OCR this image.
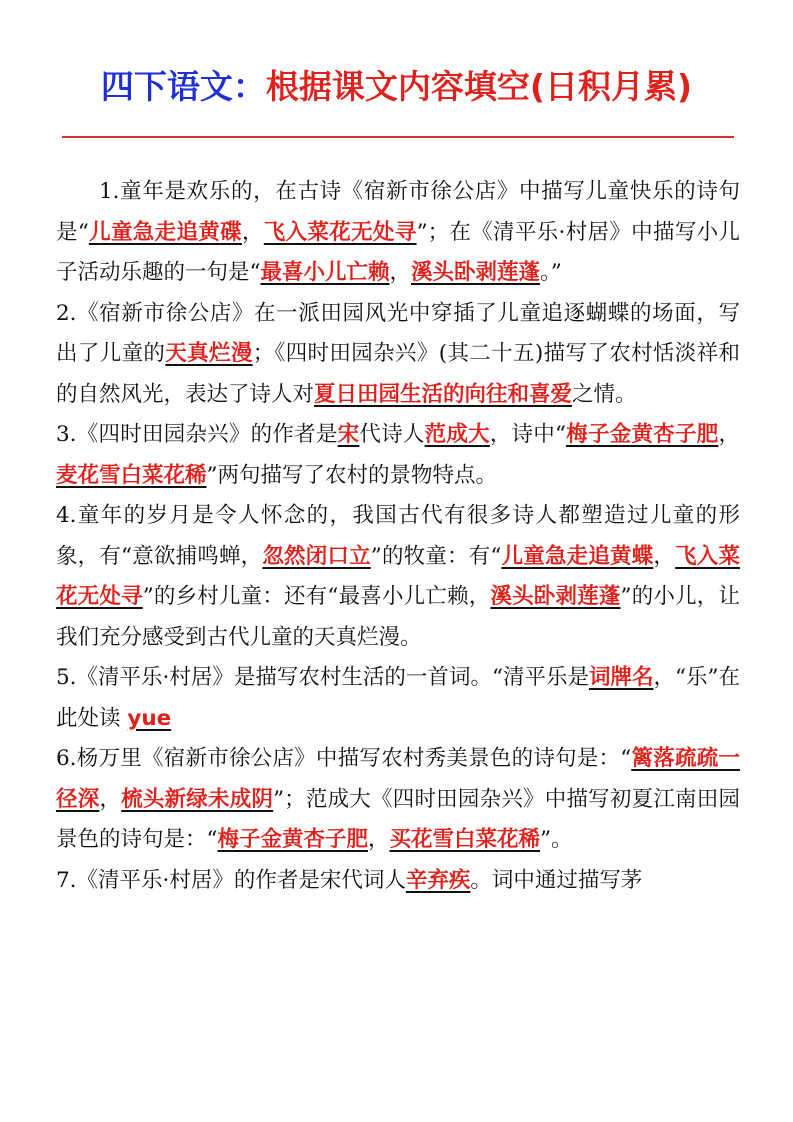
四下语文：根据课文内容填空(日积月累)

1.童年是欢乐的，在古诗《宿新市徐公店》中描写儿童快乐的诗句是“儿童急走追黄碟，飞入菜花无处寻”；在《清平乐·村居》中描写小儿子活动乐趣的一句是“最喜小儿亡赖，溪头卧剥莲蓬。”

2.《宿新市徐公店》在一派田园风光中穿插了儿童追逐蝴蝶的场面，写出了儿童的天真烂漫；《四时田园杂兴》(其二十五)描写了农村恬淡祥和的自然风光，表达了诗人对夏日田园生活的向往和喜爱之情。

3.《四时田园杂兴》的作者是宋代诗人范成大，诗中“梅子金黄杏子肥，麦花雪白菜花稀”两句描写了农村的景物特点。

4.童年的岁月是令人怀念的，我国古代有很多诗人都塑造过儿童的形象，有“意欲捕鸣蝉，忽然闭口立”的牧童：有“儿童急走追黄蝶，飞入菜花无处寻”的乡村儿童：还有“最喜小儿亡赖，溪头卧剥莲蓬”的小儿，让我们充分感受到古代儿童的天真烂漫。

5.《清平乐·村居》是描写农村生活的一首词。“清平乐是词牌名，“乐”在此处读 yue

6.杨万里《宿新市徐公店》中描写农村秀美景色的诗句是：“篱落疏疏一径深，梳头新绿未成阴”；范成大《四时田园杂兴》中描写初夏江南田园景色的诗句是：“梅子金黄杏子肥，买花雪白菜花稀”。

7.《清平乐·村居》的作者是宋代词人辛弃疾。词中通过描写茅
